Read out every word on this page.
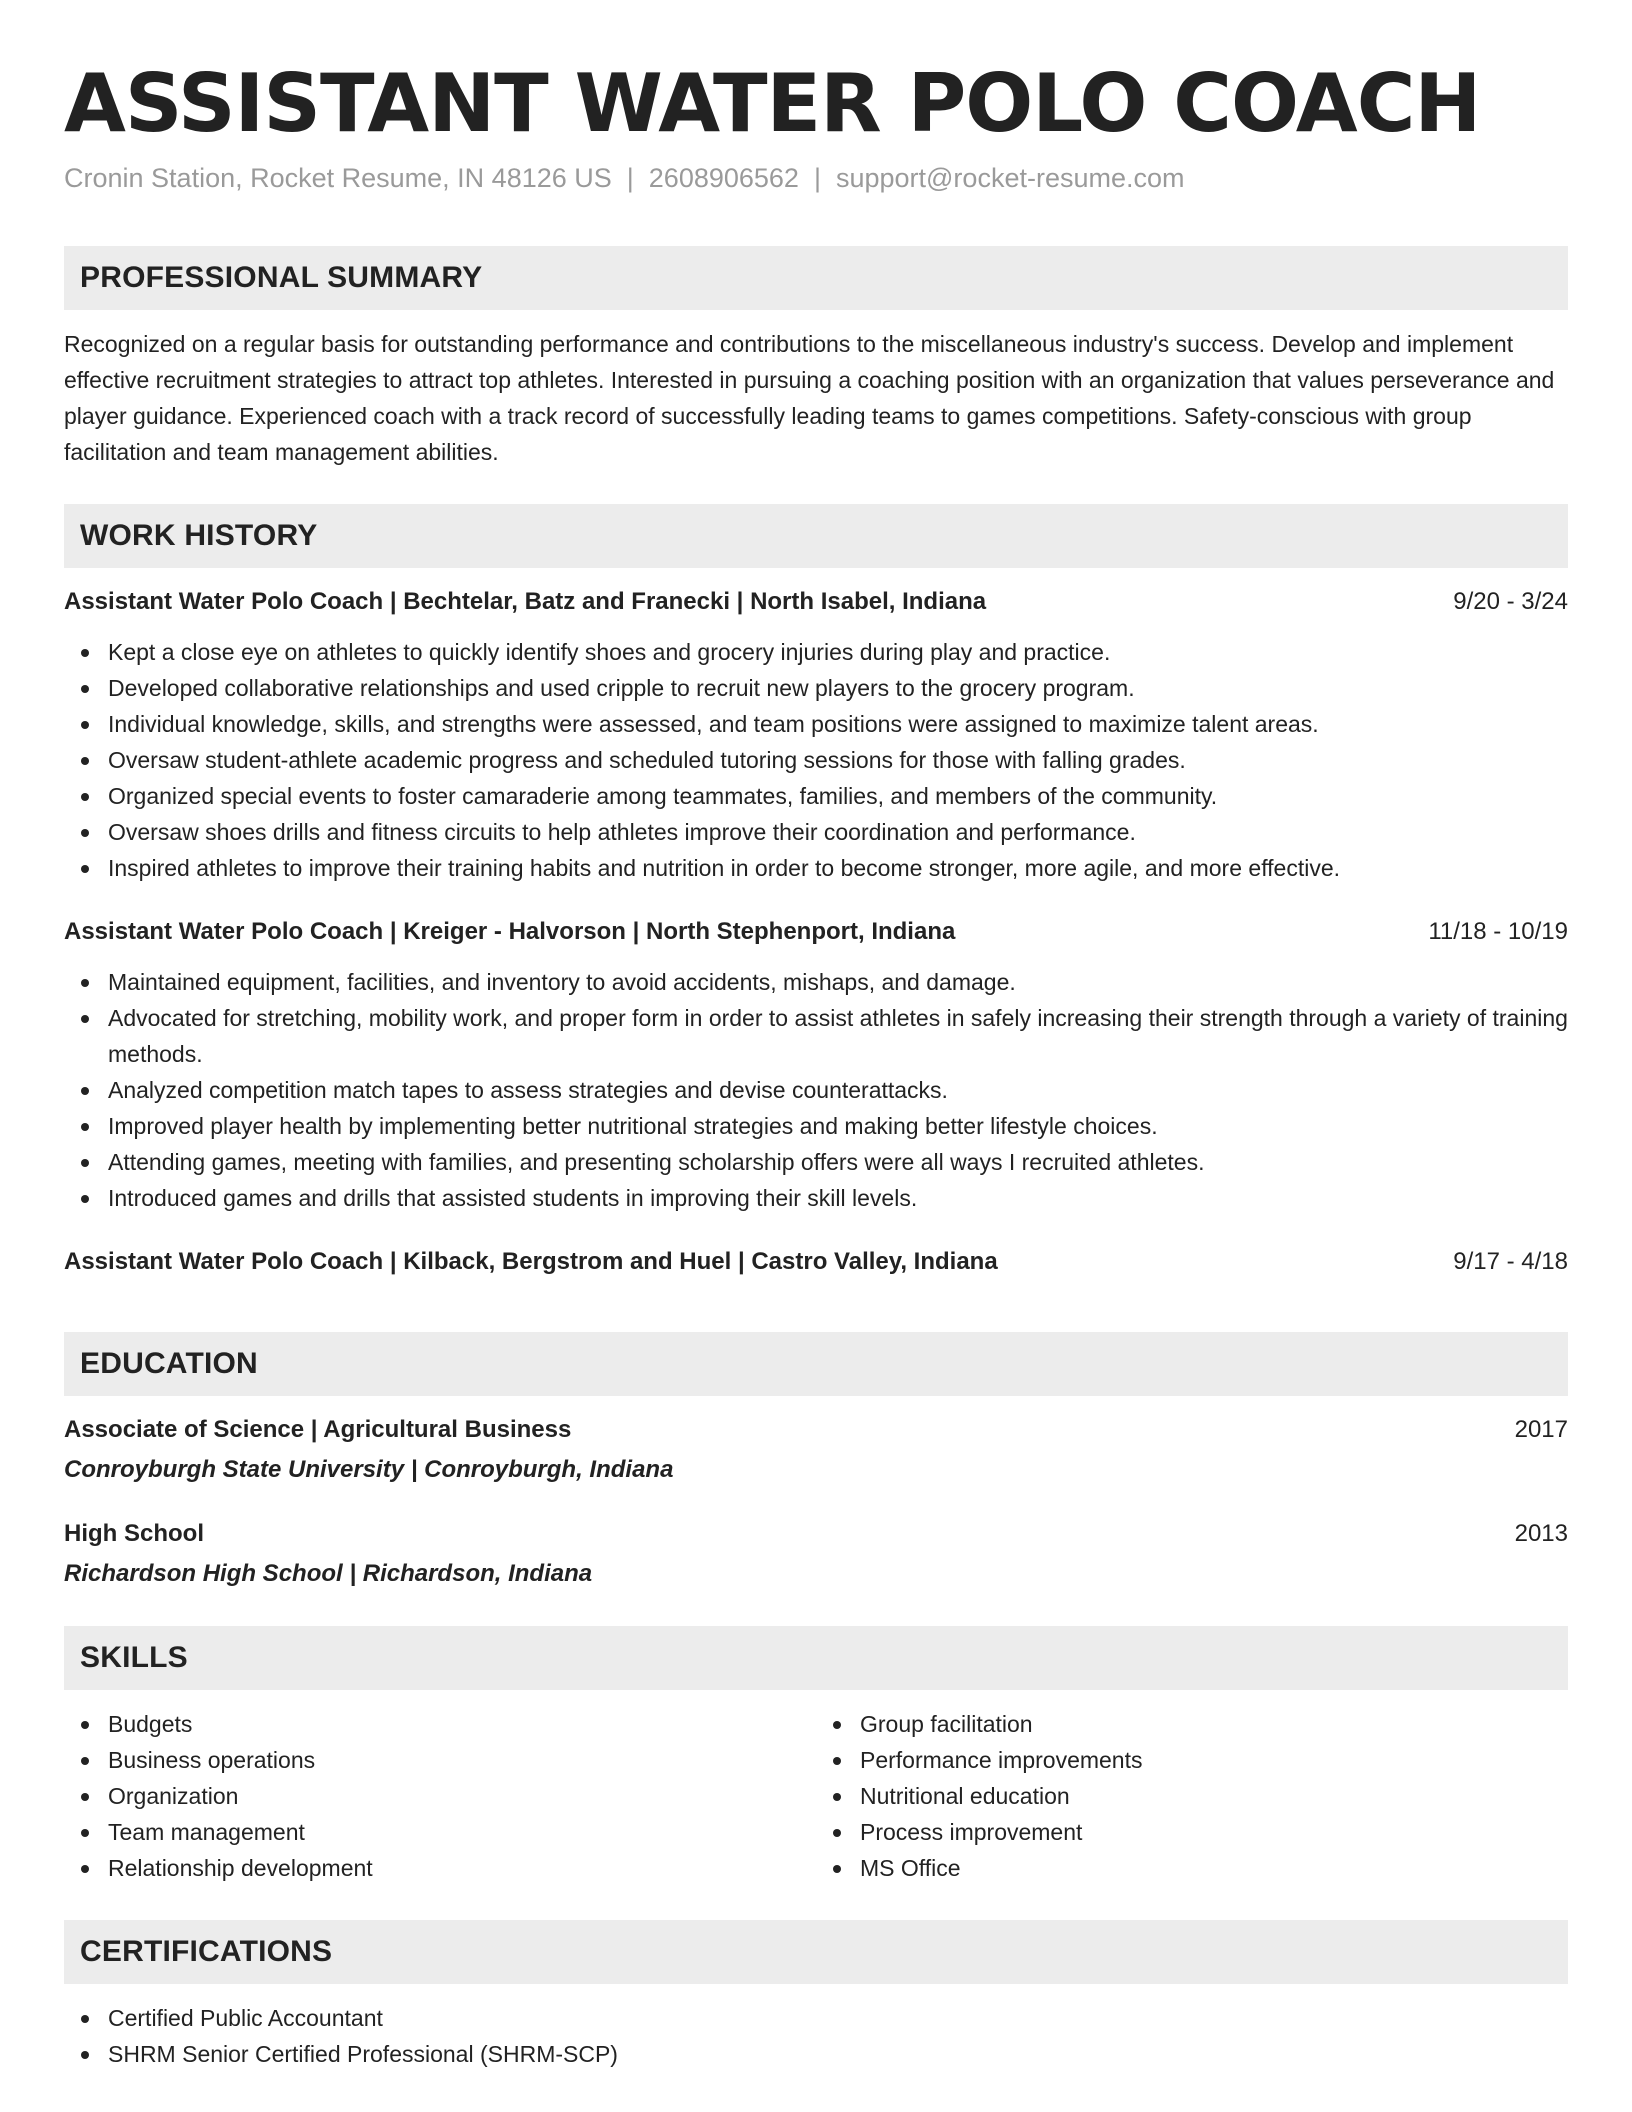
ASSISTANT WATER POLO COACH
Cronin Station, Rocket Resume, IN 48126 US | 2608906562 | support@rocket-resume.com
PROFESSIONAL SUMMARY

Recognized on a regular basis for outstanding performance and contributions to the miscellaneous industry's success. Develop and implement effective recruitment strategies to attract top athletes. Interested in pursuing a coaching position with an organization that values perseverance and player guidance. Experienced coach with a track record of successfully leading teams to games competitions. Safety-conscious with group facilitation and team management abilities.

WORK HISTORY
Assistant Water Polo Coach | Bechtelar, Batz and Franecki | North Isabel, Indiana	9/20 - 3/24
Kept a close eye on athletes to quickly identify shoes and grocery injuries during play and practice.
Developed collaborative relationships and used cripple to recruit new players to the grocery program.
Individual knowledge, skills, and strengths were assessed, and team positions were assigned to maximize talent areas.
Oversaw student-athlete academic progress and scheduled tutoring sessions for those with falling grades.
Organized special events to foster camaraderie among teammates, families, and members of the community.
Oversaw shoes drills and fitness circuits to help athletes improve their coordination and performance.
Inspired athletes to improve their training habits and nutrition in order to become stronger, more agile, and more effective.
Assistant Water Polo Coach | Kreiger - Halvorson | North Stephenport, Indiana	11/18 - 10/19
Maintained equipment, facilities, and inventory to avoid accidents, mishaps, and damage.
Advocated for stretching, mobility work, and proper form in order to assist athletes in safely increasing their strength through a variety of training methods.
Analyzed competition match tapes to assess strategies and devise counterattacks.
Improved player health by implementing better nutritional strategies and making better lifestyle choices.
Attending games, meeting with families, and presenting scholarship offers were all ways I recruited athletes.
Introduced games and drills that assisted students in improving their skill levels.
Assistant Water Polo Coach | Kilback, Bergstrom and Huel | Castro Valley, Indiana	9/17 - 4/18
EDUCATION
Associate of Science | Agricultural Business	2017
Conroyburgh State University | Conroyburgh, Indiana
High School	2013
Richardson High School | Richardson, Indiana
SKILLS
Budgets
Business operations
Organization
Team management
Relationship development
Group facilitation
Performance improvements
Nutritional education
Process improvement
MS Office
CERTIFICATIONS
Certified Public Accountant
SHRM Senior Certified Professional (SHRM-SCP)
